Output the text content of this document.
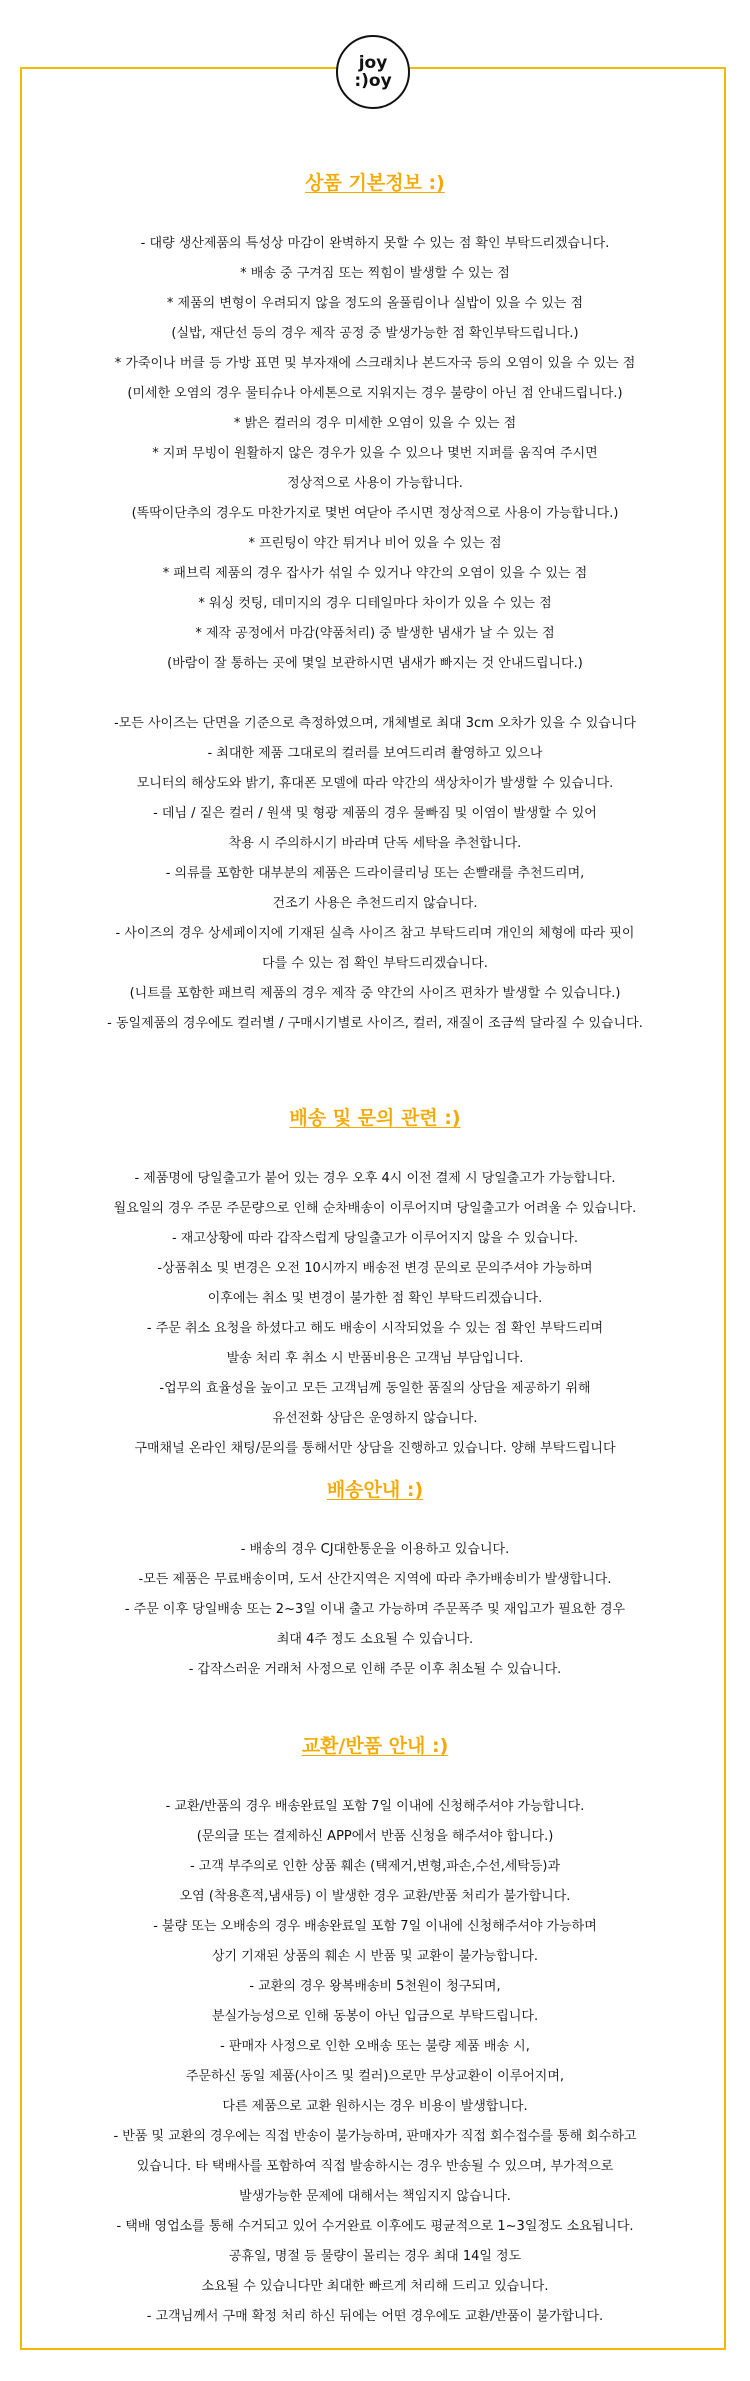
joy
:)oy
상품 기본정보 :)
- 대량 생산제품의 특성상 마감이 완벽하지 못할 수 있는 점 확인 부탁드리겠습니다.
* 배송 중 구겨짐 또는 찍힘이 발생할 수 있는 점
* 제품의 변형이 우려되지 않을 정도의 올풀림이나 실밥이 있을 수 있는 점
(실밥, 재단선 등의 경우 제작 공정 중 발생가능한 점 확인부탁드립니다.)
* 가죽이나 버클 등 가방 표면 및 부자재에 스크래치나 본드자국 등의 오염이 있을 수 있는 점
(미세한 오염의 경우 물티슈나 아세톤으로 지워지는 경우 불량이 아닌 점 안내드립니다.)
* 밝은 컬러의 경우 미세한 오염이 있을 수 있는 점
* 지퍼 무빙이 원활하지 않은 경우가 있을 수 있으나 몇번 지퍼를 움직여 주시면
정상적으로 사용이 가능합니다.
(똑딱이단추의 경우도 마찬가지로 몇번 여닫아 주시면 정상적으로 사용이 가능합니다.)
* 프린팅이 약간 튀거나 비어 있을 수 있는 점
* 패브릭 제품의 경우 잡사가 섞일 수 있거나 약간의 오염이 있을 수 있는 점
* 워싱 컷팅, 데미지의 경우 디테일마다 차이가 있을 수 있는 점
* 제작 공정에서 마감(약품처리) 중 발생한 냄새가 날 수 있는 점
(바람이 잘 통하는 곳에 몇일 보관하시면 냄새가 빠지는 것 안내드립니다.)
-모든 사이즈는 단면을 기준으로 측정하였으며, 개체별로 최대 3cm 오차가 있을 수 있습니다
- 최대한 제품 그대로의 컬러를 보여드리려 촬영하고 있으나
모니터의 해상도와 밝기, 휴대폰 모델에 따라 약간의 색상차이가 발생할 수 있습니다.
- 데님 / 짙은 컬러 / 원색 및 형광 제품의 경우 물빠짐 및 이염이 발생할 수 있어
착용 시 주의하시기 바라며 단독 세탁을 추천합니다.
- 의류를 포함한 대부분의 제품은 드라이클리닝 또는 손빨래를 추천드리며,
건조기 사용은 추천드리지 않습니다.
- 사이즈의 경우 상세페이지에 기재된 실측 사이즈 참고 부탁드리며 개인의 체형에 따라 핏이
다를 수 있는 점 확인 부탁드리겠습니다.
(니트를 포함한 패브릭 제품의 경우 제작 중 약간의 사이즈 편차가 발생할 수 있습니다.)
- 동일제품의 경우에도 컬러별 / 구매시기별로 사이즈, 컬러, 재질이 조금씩 달라질 수 있습니다.
배송 및 문의 관련 :)
- 제품명에 당일출고가 붙어 있는 경우 오후 4시 이전 결제 시 당일출고가 가능합니다.
월요일의 경우 주문 주문량으로 인해 순차배송이 이루어지며 당일출고가 어려울 수 있습니다.
- 재고상황에 따라 갑작스럽게 당일출고가 이루어지지 않을 수 있습니다.
-상품취소 및 변경은 오전 10시까지 배송전 변경 문의로 문의주셔야 가능하며
이후에는 취소 및 변경이 불가한 점 확인 부탁드리겠습니다.
- 주문 취소 요청을 하셨다고 해도 배송이 시작되었을 수 있는 점 확인 부탁드리며
발송 처리 후 취소 시 반품비용은 고객님 부담입니다.
-업무의 효율성을 높이고 모든 고객님께 동일한 품질의 상담을 제공하기 위해
유선전화 상담은 운영하지 않습니다.
구매채널 온라인 채팅/문의를 통해서만 상담을 진행하고 있습니다. 양해 부탁드립니다
배송안내 :)
- 배송의 경우 CJ대한통운을 이용하고 있습니다.
-모든 제품은 무료배송이며, 도서 산간지역은 지역에 따라 추가배송비가 발생합니다.
- 주문 이후 당일배송 또는 2~3일 이내 출고 가능하며 주문폭주 및 재입고가 필요한 경우
최대 4주 정도 소요될 수 있습니다.
- 갑작스러운 거래처 사정으로 인해 주문 이후 취소될 수 있습니다.
교환/반품 안내 :)
- 교환/반품의 경우 배송완료일 포함 7일 이내에 신청해주셔야 가능합니다.
(문의글 또는 결제하신 APP에서 반품 신청을 해주셔야 합니다.)
- 고객 부주의로 인한 상품 훼손 (택제거,변형,파손,수선,세탁등)과
오염 (착용흔적,냄새등) 이 발생한 경우 교환/반품 처리가 불가합니다.
- 불량 또는 오배송의 경우 배송완료일 포함 7일 이내에 신청해주셔야 가능하며
상기 기재된 상품의 훼손 시 반품 및 교환이 불가능합니다.
- 교환의 경우 왕복배송비 5천원이 청구되며,
분실가능성으로 인해 동봉이 아닌 입금으로 부탁드립니다.
- 판매자 사정으로 인한 오배송 또는 불량 제품 배송 시,
주문하신 동일 제품(사이즈 및 컬러)으로만 무상교환이 이루어지며,
다른 제품으로 교환 원하시는 경우 비용이 발생합니다.
- 반품 및 교환의 경우에는 직접 반송이 불가능하며, 판매자가 직접 회수접수를 통해 회수하고
있습니다. 타 택배사를 포함하여 직접 발송하시는 경우 반송될 수 있으며, 부가적으로
발생가능한 문제에 대해서는 책임지지 않습니다.
- 택배 영업소를 통해 수거되고 있어 수거완료 이후에도 평균적으로 1~3일정도 소요됩니다.
공휴일, 명절 등 물량이 몰리는 경우 최대 14일 정도
소요될 수 있습니다만 최대한 빠르게 처리해 드리고 있습니다.
- 고객님께서 구매 확정 처리 하신 뒤에는 어떤 경우에도 교환/반품이 불가합니다.
